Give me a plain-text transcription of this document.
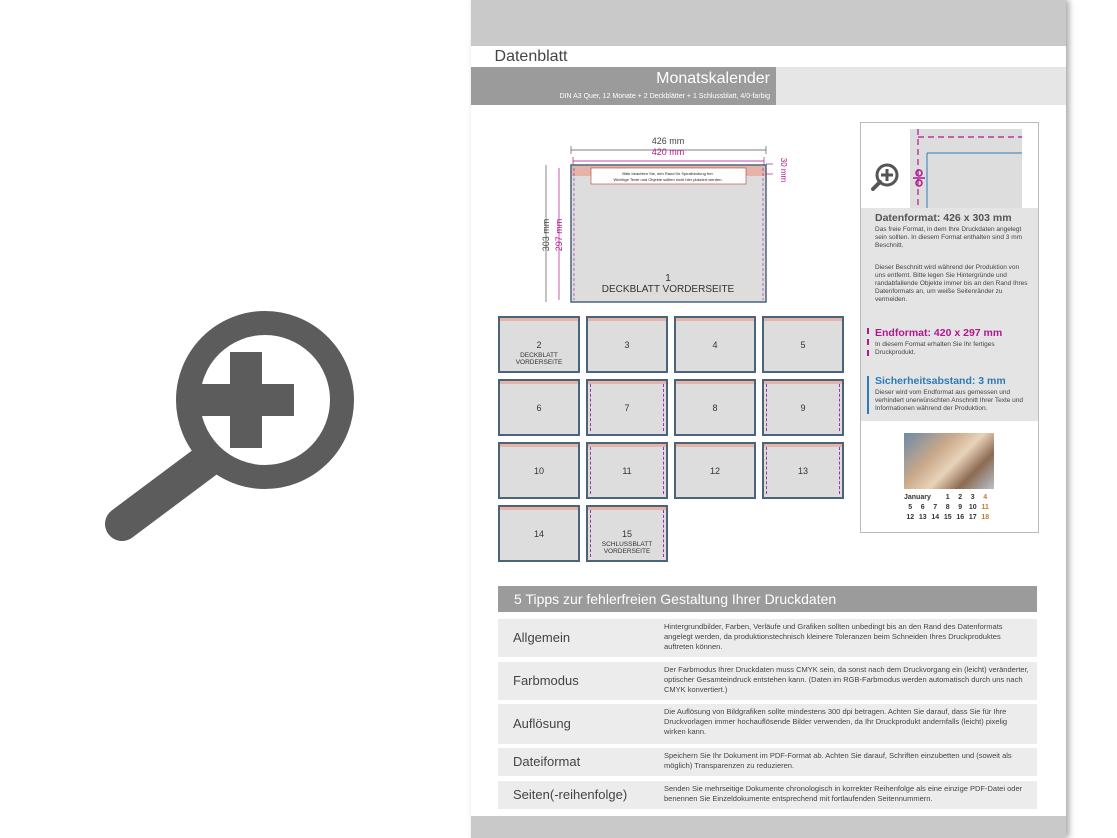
Datenblatt
Monatskalender
DIN A3 Quer, 12 Monate + 2 Deckblätter + 1 Schlussblatt, 4/0-farbig
426 mm
420 mm
303 mm 297 mm
30 mm
Bitte beachten Sie, den Rand für Spiralbindung frei.
Wichtige Texte und Objekte sollten nicht hier platziert werden.
1
DECKBLATT VORDERSEITE
2
DECKBLATT
VORDERSEITE
3	4	5
6	7	8	9
10	11	12	13
14	15
SCHLUSSBLATT
VORDERSEITE
Datenformat: 426 x 303 mm
Das freie Format, in dem Ihre Druckdaten angelegt sein sollten. In diesem Format enthalten sind 3 mm Beschnitt.
Dieser Beschnitt wird während der Produktion von uns entfernt. Bitte legen Sie Hintergründe und randabfallende Objekte immer bis an den Rand Ihres Datenformats an, um weiße Seitenränder zu vermeiden.
Endformat: 420 x 297 mm
In diesem Format erhalten Sie Ihr fertiges Druckprodukt.
Sicherheitsabstand: 3 mm
Dieser wird vom Endformat aus gemessen und verhindert unerwünschten Anschnitt Ihrer Texte und Informationen während der Produktion.
January	1	2	3	4
5	6	7	8	9 10 11
12 13 14 15 16 17 18
5 Tipps zur fehlerfreien Gestaltung Ihrer Druckdaten
Allgemein
Hintergrundbilder, Farben, Verläufe und Grafiken sollten unbedingt bis an den Rand des Datenformats angelegt werden, da produktionstechnisch kleinere Toleranzen beim Schneiden Ihres Druckproduktes auftreten können.
Farbmodus
Der Farbmodus Ihrer Druckdaten muss CMYK sein, da sonst nach dem Druckvorgang ein (leicht) veränderter, optischer Gesamteindruck entstehen kann. (Daten im RGB-Farbmodus werden automatisch durch uns nach CMYK konvertiert.)
Auflösung
Die Auflösung von Bildgrafiken sollte mindestens 300 dpi betragen. Achten Sie darauf, dass Sie für Ihre Druckvorlagen immer hochauflösende Bilder verwenden, da Ihr Druckprodukt andernfalls (leicht) pixelig wirken kann.
Dateiformat	Speichern Sie Ihr Dokument im PDF-Format ab. Achten Sie darauf, Schriften einzubetten und (soweit als möglich) Transparenzen zu reduzieren.
Seiten(-reihenfolge)	Senden Sie mehrseitige Dokumente chronologisch in korrekter Reihenfolge als eine einzige PDF-Datei oder benennen Sie Einzeldokumente entsprechend mit fortlaufenden Seitennummern.
